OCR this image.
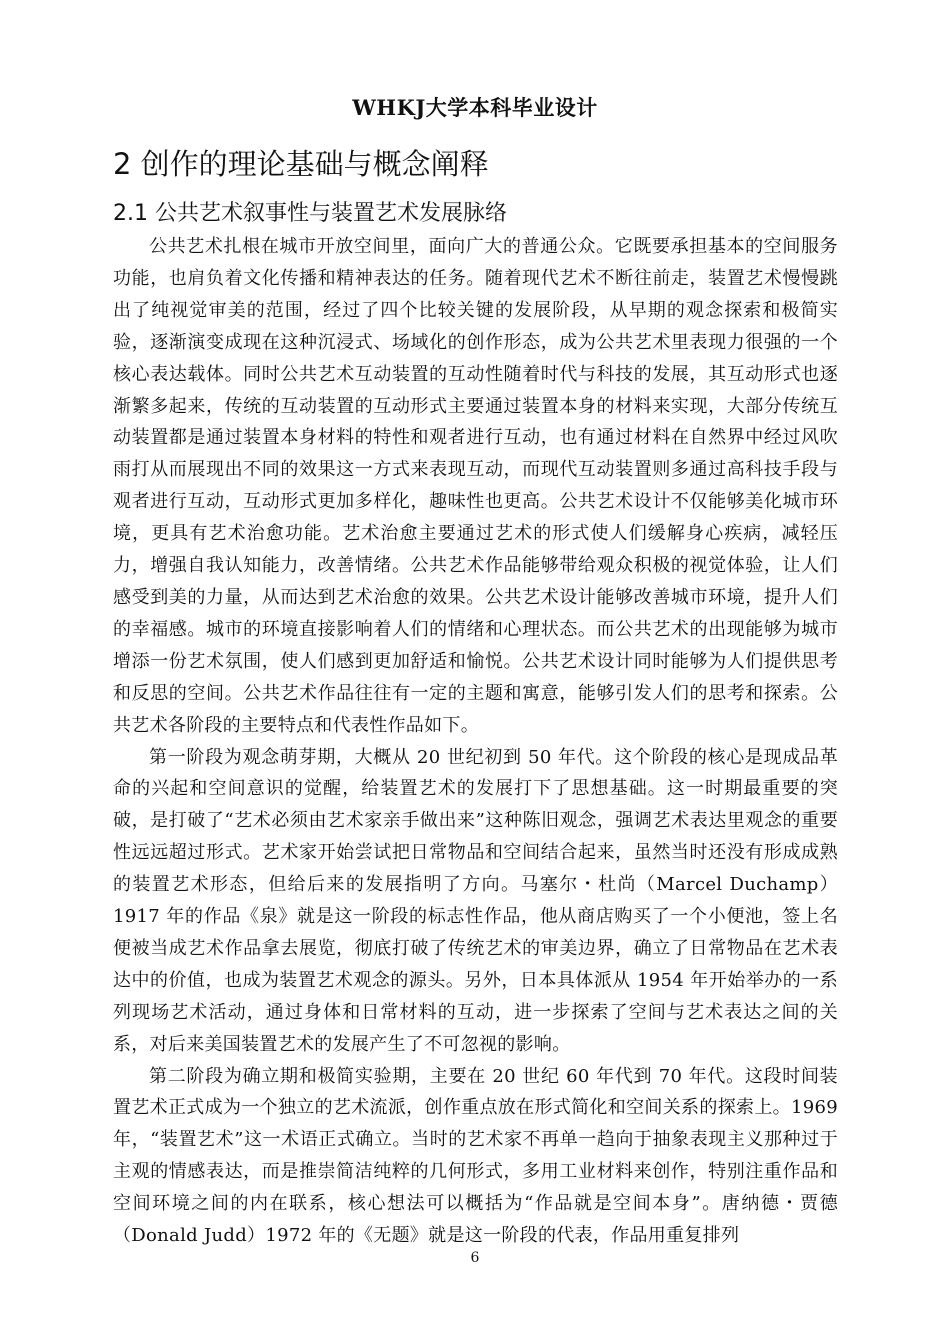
WHKJ大学本科毕业设计
2 创作的理论基础与概念阐释
2.1 公共艺术叙事性与装置艺术发展脉络

公共艺术扎根在城市开放空间里，面向广大的普通公众。它既要承担基本的空间服务功能，也肩负着文化传播和精神表达的任务。随着现代艺术不断往前走，装置艺术慢慢跳出了纯视觉审美的范围，经过了四个比较关键的发展阶段，从早期的观念探索和极简实验，逐渐演变成现在这种沉浸式、场域化的创作形态，成为公共艺术里表现力很强的一个核心表达载体。同时公共艺术互动装置的互动性随着时代与科技的发展，其互动形式也逐渐繁多起来，传统的互动装置的互动形式主要通过装置本身的材料来实现，大部分传统互动装置都是通过装置本身材料的特性和观者进行互动，也有通过材料在自然界中经过风吹雨打从而展现出不同的效果这一方式来表现互动，而现代互动装置则多通过高科技手段与观者进行互动，互动形式更加多样化，趣味性也更高。公共艺术设计不仅能够美化城市环境，更具有艺术治愈功能。艺术治愈主要通过艺术的形式使人们缓解身心疾病，减轻压力，增强自我认知能力，改善情绪。公共艺术作品能够带给观众积极的视觉体验，让人们感受到美的力量，从而达到艺术治愈的效果。公共艺术设计能够改善城市环境，提升人们的幸福感。城市的环境直接影响着人们的情绪和心理状态。而公共艺术的出现能够为城市增添一份艺术氛围，使人们感到更加舒适和愉悦。公共艺术设计同时能够为人们提供思考和反思的空间。公共艺术作品往往有一定的主题和寓意，能够引发人们的思考和探索。公共艺术各阶段的主要特点和代表性作品如下。

第一阶段为观念萌芽期，大概从 20 世纪初到 50 年代。这个阶段的核心是现成品革命的兴起和空间意识的觉醒，给装置艺术的发展打下了思想基础。这一时期最重要的突破，是打破了“艺术必须由艺术家亲手做出来”这种陈旧观念，强调艺术表达里观念的重要性远远超过形式。艺术家开始尝试把日常物品和空间结合起来，虽然当时还没有形成成熟的装置艺术形态，但给后来的发展指明了方向。马塞尔・杜尚（Marcel Duchamp）1917 年的作品《泉》就是这一阶段的标志性作品，他从商店购买了一个小便池，签上名便被当成艺术作品拿去展览，彻底打破了传统艺术的审美边界，确立了日常物品在艺术表达中的价值，也成为装置艺术观念的源头。另外，日本具体派从 1954 年开始举办的一系列现场艺术活动，通过身体和日常材料的互动，进一步探索了空间与艺术表达之间的关系，对后来美国装置艺术的发展产生了不可忽视的影响。

第二阶段为确立期和极简实验期，主要在 20 世纪 60 年代到 70 年代。这段时间装置艺术正式成为一个独立的艺术流派，创作重点放在形式简化和空间关系的探索上。1969 年，“装置艺术”这一术语正式确立。当时的艺术家不再单一趋向于抽象表现主义那种过于主观的情感表达，而是推崇简洁纯粹的几何形式，多用工业材料来创作，特别注重作品和空间环境之间的内在联系，核心想法可以概括为“作品就是空间本身”。唐纳德・贾德（Donald Judd）1972 年的《无题》就是这一阶段的代表，作品用重复排列

6
